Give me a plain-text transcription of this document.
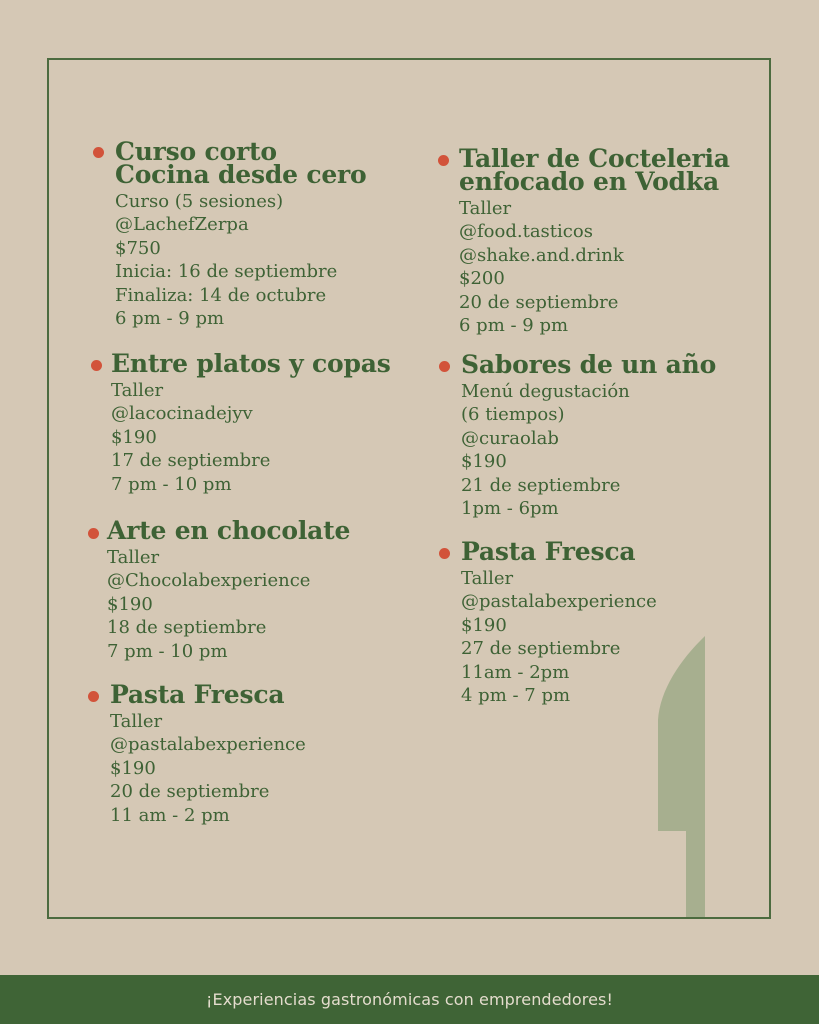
Curso corto
Cocina desde cero
Curso (5 sesiones)
@LachefZerpa
$750
Inicia: 16 de septiembre
Finaliza: 14 de octubre
6 pm - 9 pm
Entre platos y copas
Taller
@lacocinadejyv
$190
17 de septiembre
7 pm - 10 pm
Arte en chocolate
Taller
@Chocolabexperience
$190
18 de septiembre
7 pm - 10 pm
Pasta Fresca
Taller
@pastalabexperience
$190
20 de septiembre
11 am - 2 pm
Taller de Cocteleria
enfocado en Vodka
Taller
@food.tasticos
@shake.and.drink
$200
20 de septiembre
6 pm - 9 pm
Sabores de un año
Menú degustación
(6 tiempos)
@curaolab
$190
21 de septiembre
1pm - 6pm
Pasta Fresca
Taller
@pastalabexperience
$190
27 de septiembre
11am - 2pm
4 pm - 7 pm
¡Experiencias gastronómicas con emprendedores!
